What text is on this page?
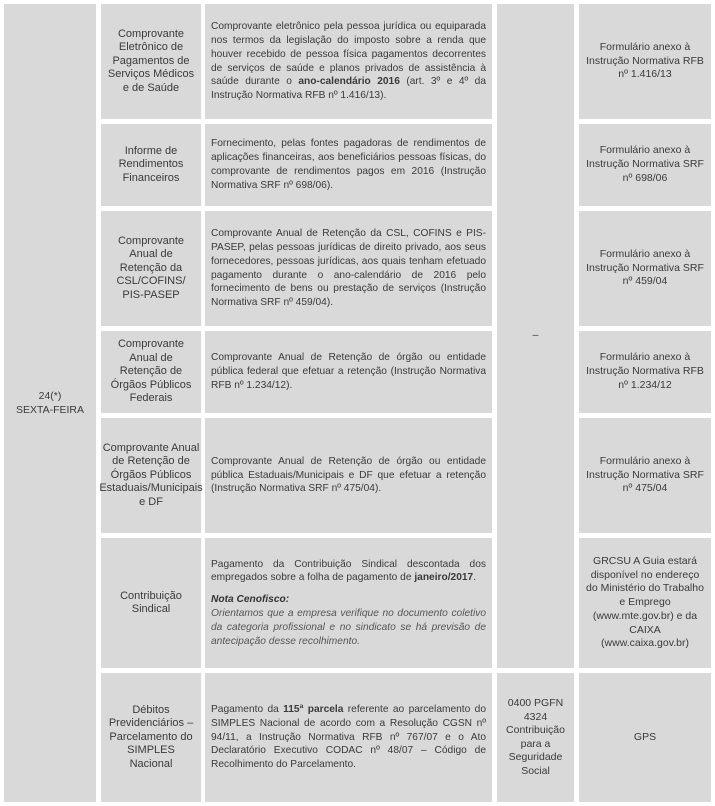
24(*)
SEXTA-FEIRA
Comprovante Eletrônico de Pagamentos de Serviços Médicos e de Saúde
Comprovante eletrônico pela pessoa jurídica ou equiparada nos termos da legislação do imposto sobre a renda que houver recebido de pessoa física pagamentos decorrentes de serviços de saúde e planos privados de assistência à saúde durante o ano-calendário 2016 (art. 3º e 4º da Instrução Normativa RFB nº 1.416/13).
Formulário anexo à Instrução Normativa RFB nº 1.416/13
Informe de Rendimentos Financeiros
Fornecimento, pelas fontes pagadoras de rendimentos de aplicações financeiras, aos beneficiários pessoas físicas, do comprovante de rendimentos pagos em 2016 (Instrução Normativa SRF nº 698/06).
Formulário anexo à Instrução Normativa SRF nº 698/06
Comprovante Anual de Retenção da CSL/COFINS/ PIS-PASEP
Comprovante Anual de Retenção da CSL, COFINS e PIS-PASEP, pelas pessoas jurídicas de direito privado, aos seus fornecedores, pessoas jurídicas, aos quais tenham efetuado pagamento durante o ano-calendário de 2016 pelo fornecimento de bens ou prestação de serviços (Instrução Normativa SRF nº 459/04).
Formulário anexo à Instrução Normativa SRF nº 459/04
–
Comprovante Anual de Retenção de Órgãos Públicos Federais
Comprovante Anual de Retenção de órgão ou entidade pública federal que efetuar a retenção (Instrução Normativa RFB nº 1.234/12).
Formulário anexo à Instrução Normativa RFB nº 1.234/12
Comprovante Anual de Retenção de Órgãos Públicos Estaduais/Municipais e DF
Comprovante Anual de Retenção de órgão ou entidade pública Estaduais/Municipais e DF que efetuar a retenção (Instrução Normativa SRF nº 475/04).
Formulário anexo à Instrução Normativa SRF nº 475/04
Contribuição Sindical
Pagamento da Contribuição Sindical descontada dos empregados sobre a folha de pagamento de janeiro/2017.
Nota Cenofisco:
Orientamos que a empresa verifique no documento coletivo da categoria profissional e no sindicato se há previsão de antecipação desse recolhimento.
GRCSU A Guia estará disponível no endereço do Ministério do Trabalho e Emprego (www.mte.gov.br) e da CAIXA (www.caixa.gov.br)
Débitos Previdenciários – Parcelamento do SIMPLES Nacional
Pagamento da 115ª parcela referente ao parcelamento do SIMPLES Nacional de acordo com a Resolução CGSN nº 94/11, a Instrução Normativa RFB nº 767/07 e o Ato Declaratório Executivo CODAC nº 48/07 – Código de Recolhimento do Parcelamento.
0400 PGFN 4324 Contribuição para a Seguridade Social
GPS
